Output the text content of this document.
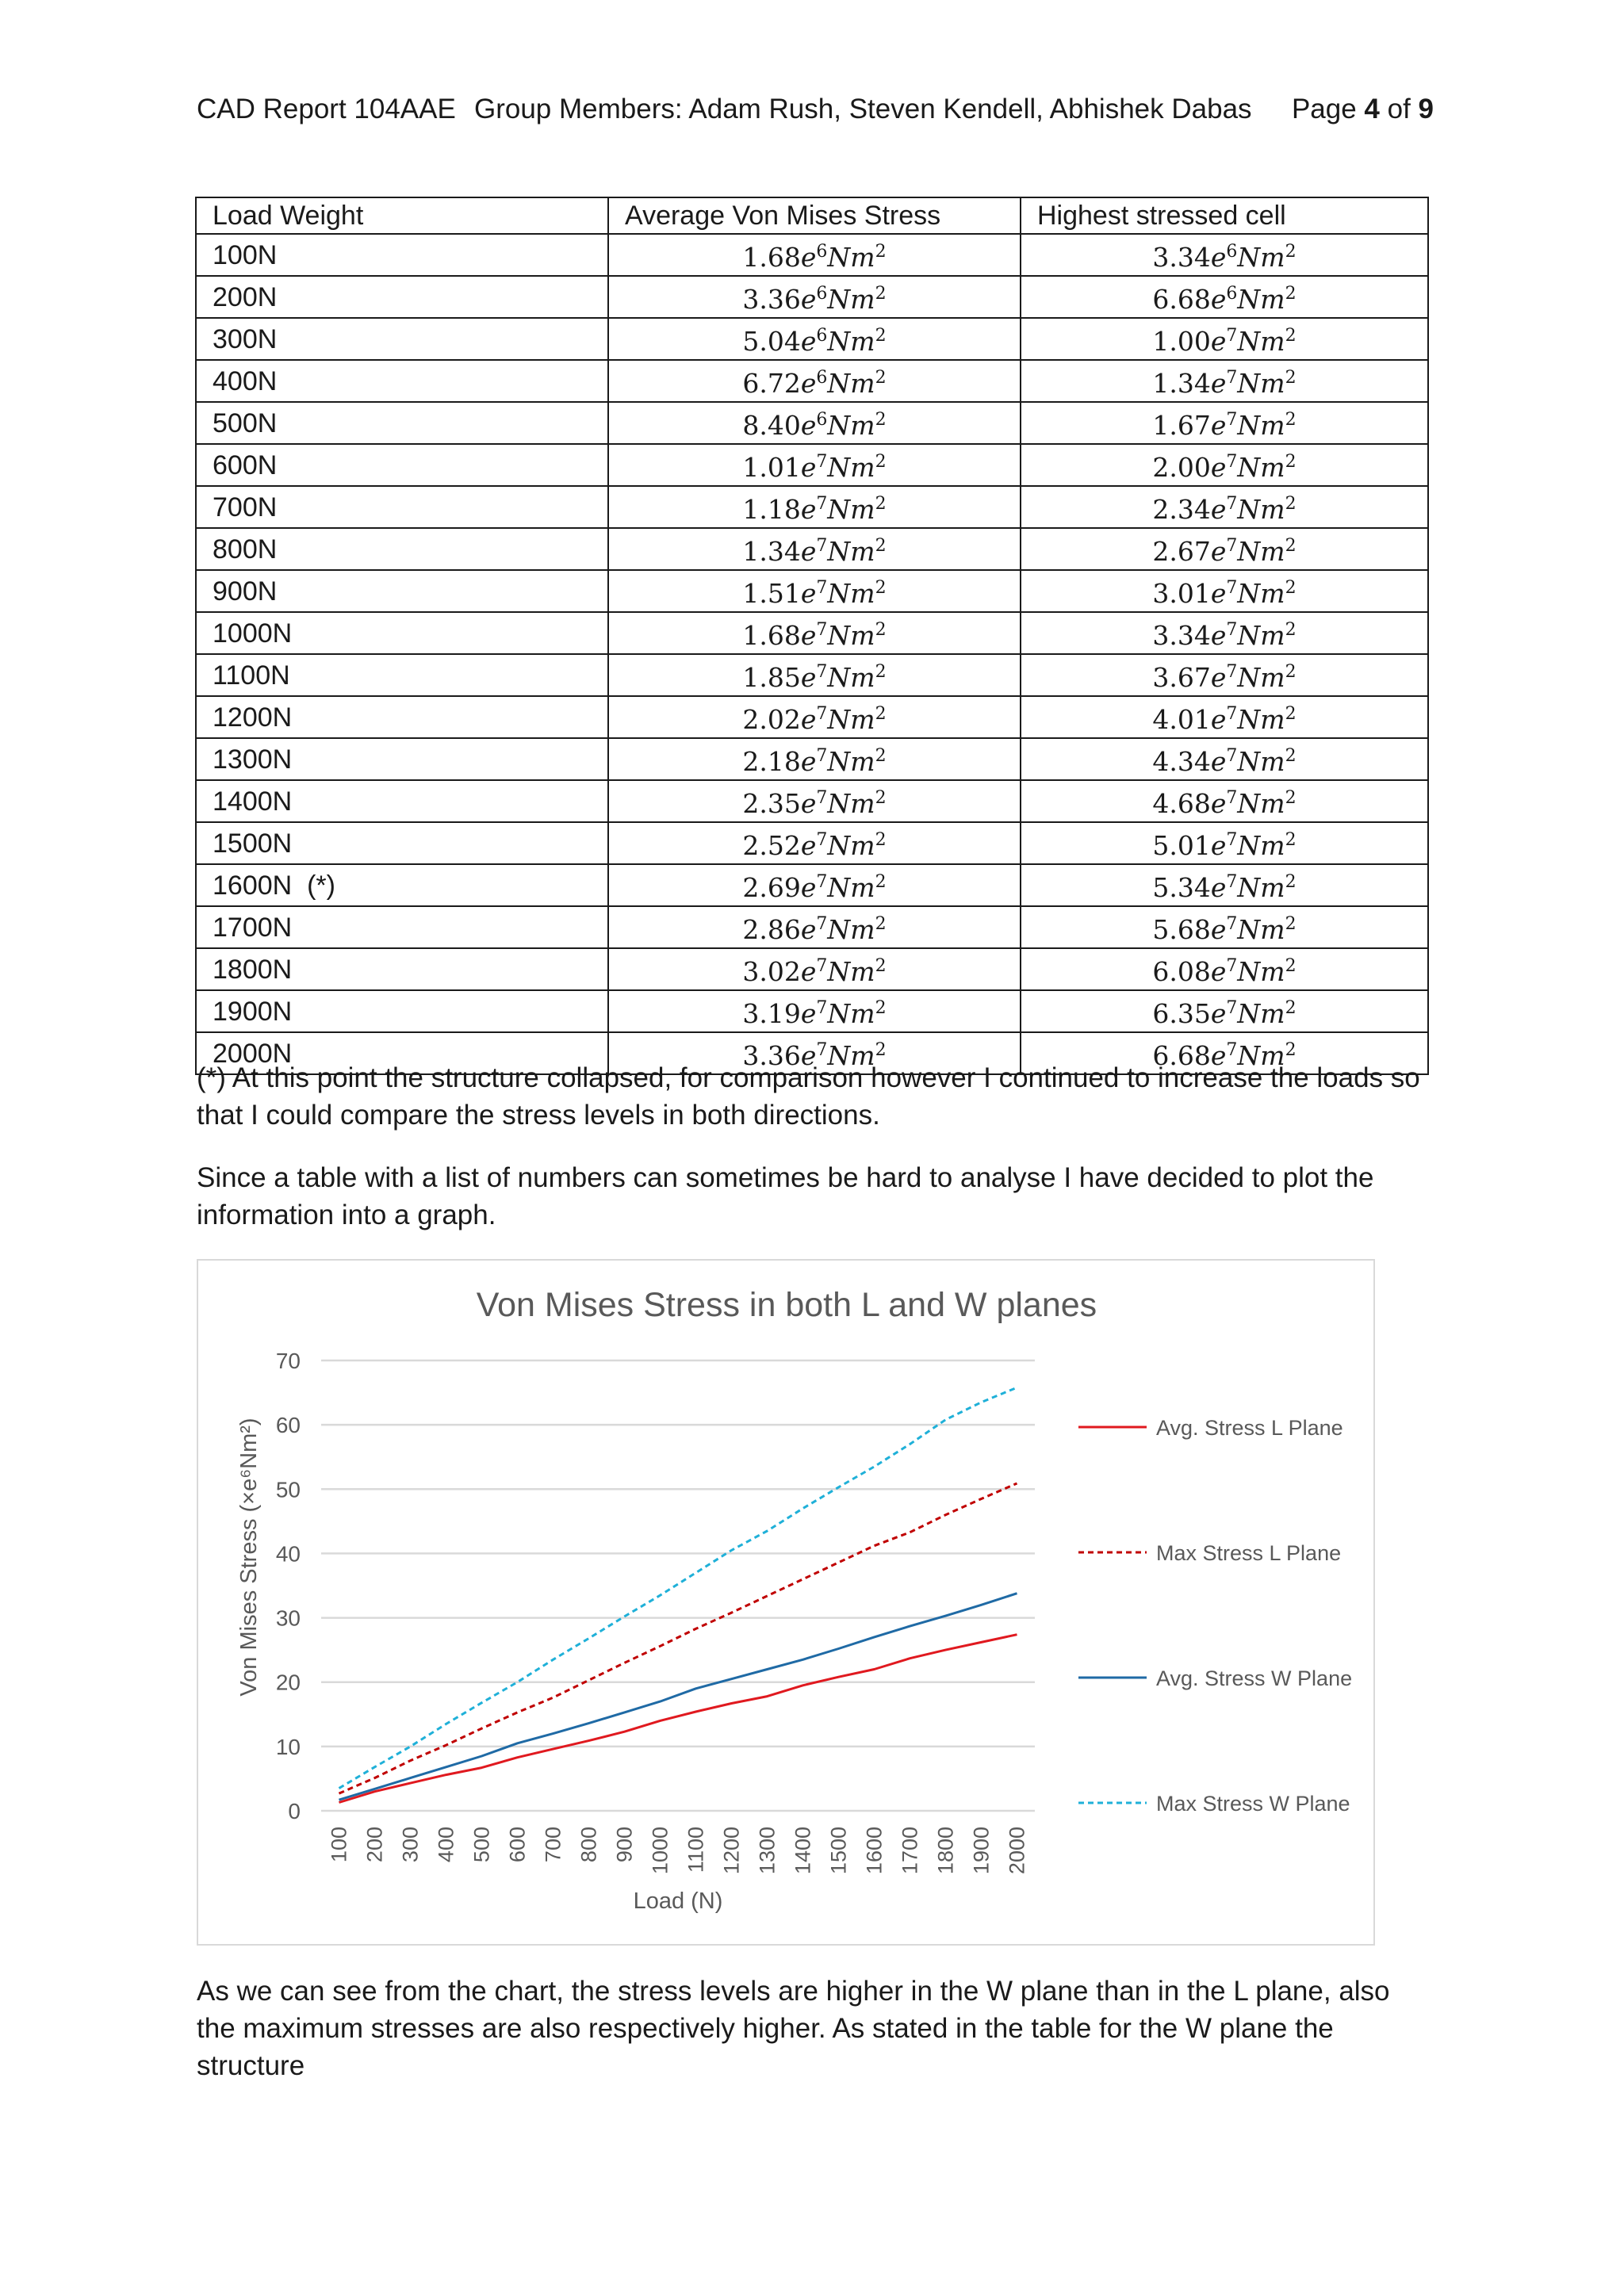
CAD Report 104AAE Group Members: Adam Rush, Steven Kendell, Abhishek Dabas Page 4 of 9
Load Weight	Average Von Mises Stress	Highest stressed cell
100N	$1.68e^6Nm^2$	$3.34e^6Nm^2$
200N	$3.36e^6Nm^2$	$6.68e^6Nm^2$
300N	$5.04e^6Nm^2$	$1.00e^7Nm^2$
400N	$6.72e^6Nm^2$	$1.34e^7Nm^2$
500N	$8.40e^6Nm^2$	$1.67e^7Nm^2$
600N	$1.01e^7Nm^2$	$2.00e^7Nm^2$
700N	$1.18e^7Nm^2$	$2.34e^7Nm^2$
800N	$1.34e^7Nm^2$	$2.67e^7Nm^2$
900N	$1.51e^7Nm^2$	$3.01e^7Nm^2$
1000N	$1.68e^7Nm^2$	$3.34e^7Nm^2$
1100N	$1.85e^7Nm^2$	$3.67e^7Nm^2$
1200N	$2.02e^7Nm^2$	$4.01e^7Nm^2$
1300N	$2.18e^7Nm^2$	$4.34e^7Nm^2$
1400N	$2.35e^7Nm^2$	$4.68e^7Nm^2$
1500N	$2.52e^7Nm^2$	$5.01e^7Nm^2$
1600N  (*)	$2.69e^7Nm^2$	$5.34e^7Nm^2$
1700N	$2.86e^7Nm^2$	$5.68e^7Nm^2$
1800N	$3.02e^7Nm^2$	$6.08e^7Nm^2$
1900N	$3.19e^7Nm^2$	$6.35e^7Nm^2$
2000N	$3.36e^7Nm^2$	$6.68e^7Nm^2$
(*) At this point the structure collapsed, for comparison however I continued to increase the loads so that I could compare the stress levels in both directions.
Since a table with a list of numbers can sometimes be hard to analyse I have decided to plot the information into a graph.
Von Mises Stress in both L and W planes
0
10
20
30
40
50
60
70
100 200 300 400 500 600 700 800 900 1000 1100 1200 1300 1400 1500 1600 1700 1800 1900 2000
Avg. Stress L Plane
Max Stress L Plane
Avg. Stress W Plane
Max Stress W Plane
Load (N)
Von Mises Stress (×e⁶Nm²)
As we can see from the chart, the stress levels are higher in the W plane than in the L plane, also the maximum stresses are also respectively higher. As stated in the table for the W plane the structure
